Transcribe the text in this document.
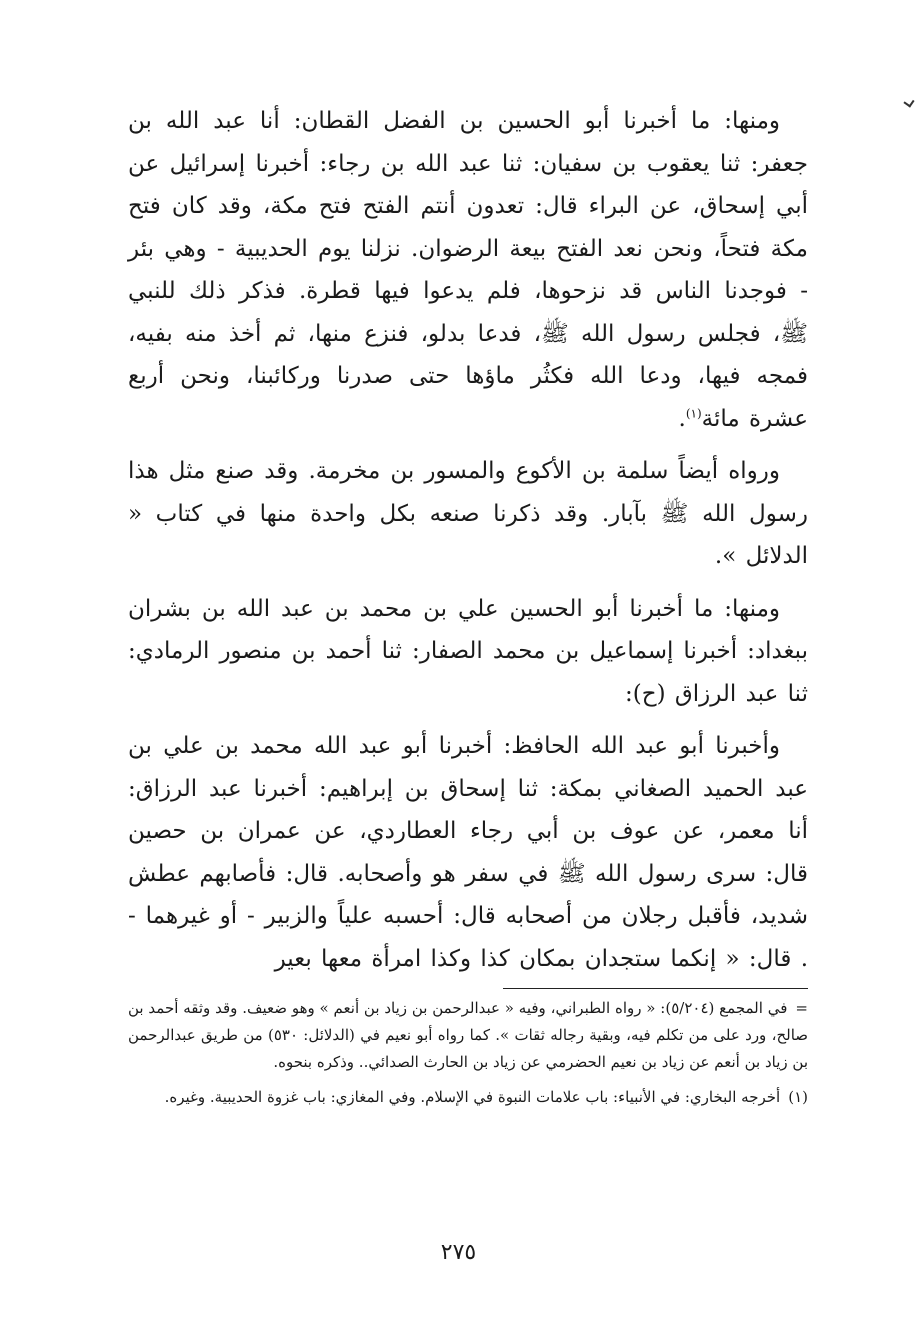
ومنها: ما أخبرنا أبو الحسين بن الفضل القطان: أنا عبد الله بن جعفر: ثنا يعقوب بن سفيان: ثنا عبد الله بن رجاء: أخبرنا إسرائيل عن أبي إسحاق، عن البراء قال: تعدون أنتم الفتح فتح مكة، وقد كان فتح مكة فتحاً، ونحن نعد الفتح بيعة الرضوان. نزلنا يوم الحديبية - وهي بئر - فوجدنا الناس قد نزحوها، فلم يدعوا فيها قطرة. فذكر ذلك للنبي ﷺ، فجلس رسول الله ﷺ، فدعا بدلو، فنزع منها، ثم أخذ منه بفيه، فمجه فيها، ودعا الله فكثُر ماؤها حتى صدرنا وركائبنا، ونحن أربع عشرة مائة$^{(١)}$.

ورواه أيضاً سلمة بن الأكوع والمسور بن مخرمة. وقد صنع مثل هذا رسول الله ﷺ بآبار. وقد ذكرنا صنعه بكل واحدة منها في كتاب « الدلائل ».

ومنها: ما أخبرنا أبو الحسين علي بن محمد بن عبد الله بن بشران ببغداد: أخبرنا إسماعيل بن محمد الصفار: ثنا أحمد بن منصور الرمادي: ثنا عبد الرزاق (ح):

وأخبرنا أبو عبد الله الحافظ: أخبرنا أبو عبد الله محمد بن علي بن عبد الحميد الصغاني بمكة: ثنا إسحاق بن إبراهيم: أخبرنا عبد الرزاق: أنا معمر، عن عوف بن أبي رجاء العطاردي، عن عمران بن حصين قال: سرى رسول الله ﷺ في سفر هو وأصحابه. قال: فأصابهم عطش شديد، فأقبل رجلان من أصحابه قال: أحسبه علياً والزبير - أو غيرهما - . قال: « إنكما ستجدان بمكان كذا وكذا امرأة معها بعير

=في المجمع (٥/٢٠٤): « رواه الطبراني، وفيه « عبدالرحمن بن زياد بن أنعم » وهو ضعيف. وقد وثقه أحمد بن صالح، ورد على من تكلم فيه، وبقية رجاله ثقات ». كما رواه أبو نعيم في (الدلائل: ٥٣٠) من طريق عبدالرحمن بن زياد بن أنعم عن زياد بن نعيم الحضرمي عن زياد بن الحارث الصدائي.. وذكره بنحوه.

(١)أخرجه البخاري: في الأنبياء: باب علامات النبوة في الإسلام. وفي المغازي: باب غزوة الحديبية. وغيره.

٢٧٥
